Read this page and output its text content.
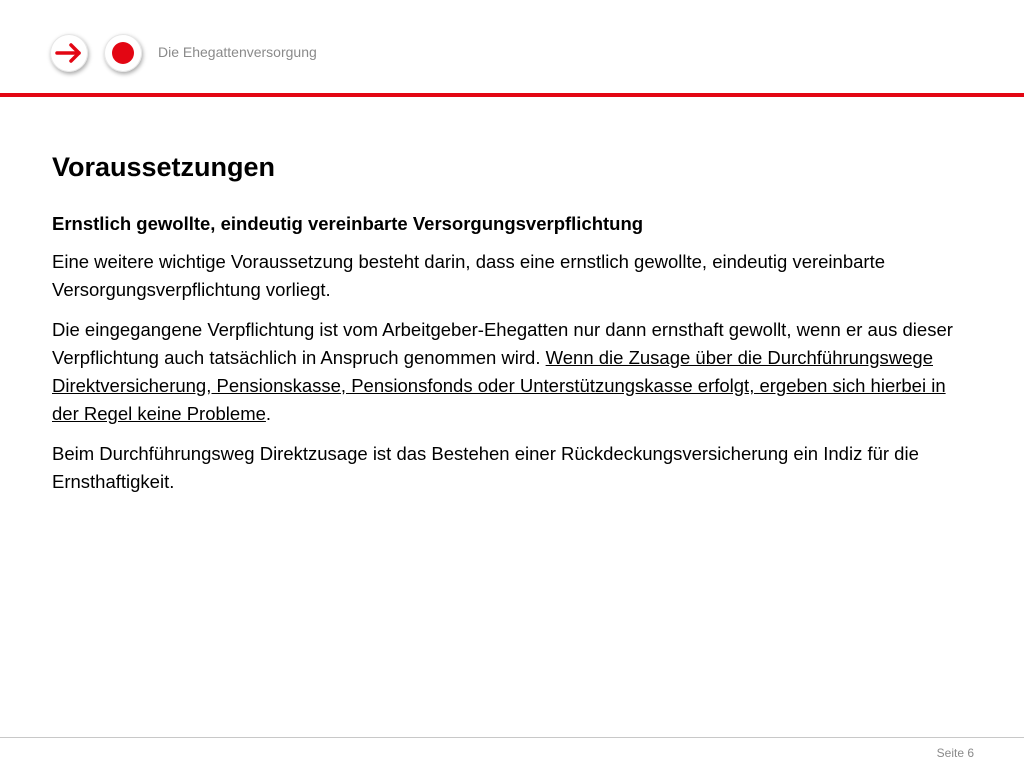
Die Ehegattenversorgung
Voraussetzungen

Ernstlich gewollte, eindeutig vereinbarte Versorgungsverpflichtung

Eine weitere wichtige Voraussetzung besteht darin, dass eine ernstlich gewollte, eindeutig vereinbarte Versorgungsverpflichtung vorliegt.

Die eingegangene Verpflichtung ist vom Arbeitgeber-Ehegatten nur dann ernsthaft gewollt, wenn er aus dieser Verpflichtung auch tatsächlich in Anspruch genommen wird. Wenn die Zusage über die Durchführungswege Direktversicherung, Pensionskasse, Pensionsfonds oder Unterstützungskasse erfolgt, ergeben sich hierbei in der Regel keine Probleme.

Beim Durchführungsweg Direktzusage ist das Bestehen einer Rückdeckungsversicherung ein Indiz für die Ernsthaftigkeit.

Seite 6
